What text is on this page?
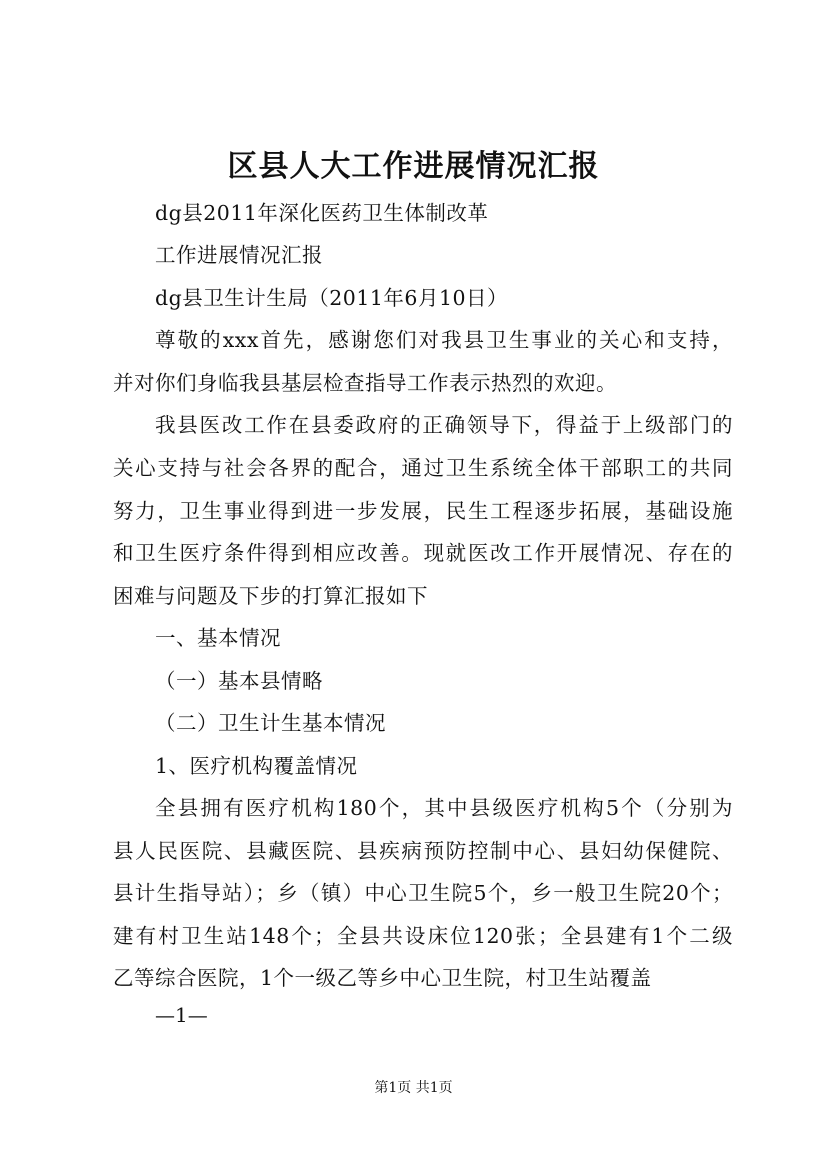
区县人大工作进展情况汇报
dg县2011年深化医药卫生体制改革
工作进展情况汇报
dg县卫生计生局（2011年6月10日）
尊敬的xxx首先，感谢您们对我县卫生事业的关心和支持，
并对你们身临我县基层检查指导工作表示热烈的欢迎。
我县医改工作在县委政府的正确领导下，得益于上级部门的
关心支持与社会各界的配合，通过卫生系统全体干部职工的共同
努力，卫生事业得到进一步发展，民生工程逐步拓展，基础设施
和卫生医疗条件得到相应改善。现就医改工作开展情况、存在的
困难与问题及下步的打算汇报如下
一、基本情况
（一）基本县情略
（二）卫生计生基本情况
1、医疗机构覆盖情况
全县拥有医疗机构180个，其中县级医疗机构5个（分别为
县人民医院、县藏医院、县疾病预防控制中心、县妇幼保健院、
县计生指导站）；乡（镇）中心卫生院5个，乡一般卫生院20个；
建有村卫生站148个；全县共设床位120张；全县建有1个二级
乙等综合医院，1个一级乙等乡中心卫生院，村卫生站覆盖
—1—
第1页 共1页
